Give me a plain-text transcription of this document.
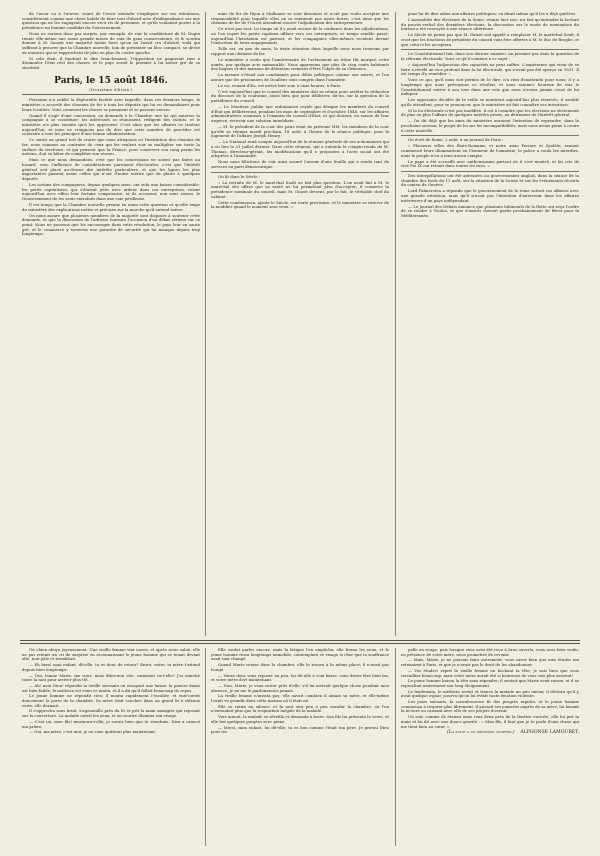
de l'avoir vu à l'œuvre, avant de l'avoir entendu s'expliquer sur ses intentions, considéraient comme une chose habile de faire tout d'abord acte d'indépendance sur une question qui ne les engageait encore vis-à-vis de personne, et qu'ils voulaient porter à la présidence un homme candidat du Gouvernement.

Nous ne serions donc pas surpris, par exemple, de voir la candidature de M. Dupin réunir elle-même une assez grande masse de voix de gens conservateurs, et le scrutin donner à M. Sauzet une majorité moins forte qu'on ne l'avait cru d'abord; voilà qui suffirait à prouver que la Chambre nouvelle, loin de présenter un bloc compact, se divise en nuances qui se rapprochent de plus en plus du centre gauche.

Si cela était, il faudrait le dire franchement; l'Opposition ne gagnerait rien à dissimuler l'état réel des choses, et le pays serait le premier à lui savoir gré de sa sincérité.

Paris, le 15 août 1846.
(Deuxième édition.)

Personne n'a oublié la déplorable facilité avec laquelle, dans ces derniers temps, le ministère a accordé des chemins de fer à tous les députés qui lui en demandaient pour leurs localités. Voici comment les choses se passaient et se passent encore.

Quand il s'agit d'une concession, on demande à la Chambre une loi qui autorise la compagnie à se constituer; les intéressés se réunissent, rédigent des statuts, et le ministère n'a plus ensuite qu'à les approuver. C'est ainsi que les affaires se traitent aujourd'hui, et nous ne craignons pas de dire que cette manière de procéder est contraire à tous les principes d'une bonne administration.

Ce serait un grand tort de croire que nous attaquons ici l'institution des chemins de fer; nous sommes au contraire de ceux qui les veulent voir se multiplier sur toute la surface du territoire, et qui pensent que la France, pour conserver son rang parmi les nations, doit se hâter de compléter son réseau.

Mais ce que nous demandons, c'est que les concessions ne soient pas faites au hasard, sous l'influence de considérations purement électorales; c'est que l'intérêt général soit placé au-dessus des intérêts particuliers, et que les lignes les plus importantes passent avant celles qui n'ont d'autre mérite que de plaire à quelques députés.

Les actions des compagnies, depuis quelques mois, ont subi une baisse considérable; les petits capitalistes, qui s'étaient jetés avec ardeur dans ces entreprises, voient aujourd'hui avec effroi leur fortune compromise, et ils accusent, non sans raison, le Gouvernement de les avoir entraînés dans une voie périlleuse.

Il est temps que la Chambre nouvelle prenne en main cette question et qu'elle exige du ministère des explications nettes et précises sur la marche qu'il entend suivre.

On nous assure que plusieurs membres de la majorité sont disposés à soutenir cette demande, et que la discussion de l'adresse fournira l'occasion d'un débat sérieux sur ce point. Nous ne pouvons que les encourager dans cette résolution; le pays leur en saura gré, et le commerce y trouvera une garantie de sécurité qui lui manque depuis trop longtemps.

mins de fer de Dijon à Mulhouse se sont dissoutes et n'ont pas voulu accepter une responsabilité pour laquelle elles ne se sentaient pas assez fortes; c'est ainsi que les chemins de fer de l'Ouest attendent encore l'adjudication des entrepreneurs.

Ce n'est pas tout. Le temps où il y avait encore de la confiance dans les adjudications, où l'on voyait les petits capitaux affluer vers ces entreprises, ce temps semble passé; aujourd'hui l'hésitation est partout, et les compagnies elles-mêmes reculent devant l'exécution de leurs engagements.

Telle est, en peu de mots, la triste situation dans laquelle nous nous trouvons par rapport aux chemins de fer.

Le ministère a voulu que l'anniversaire de l'avènement au trône fût marqué, cette année, par quelque acte mémorable. Nous apprenons que plus de cinq cents habitants des bagnes et des maisons de détention viennent d'être l'objet de sa clémence.

La mesure s'étend aux condamnés pour délits politiques comme aux autres, et l'on assure que les prisonniers de Doullens sont compris dans l'amnistie.

Le roi, venant d'Eu, est arrivé hier soir, à onze heures, à Paris.

C'est aujourd'hui que le conseil des ministres doit se réunir pour arrêter la rédaction du discours de la couronne, aussi bien que pour délibérer, dit-on, sur la question de la présidence du conseil.

— Le Moniteur publie une ordonnance royale qui désigne les membres du conseil d'État qui délibéreront, pendant les mois de septembre et d'octobre 1846, sur les affaires administratives soumises à l'examen du conseil d'État, et qui doivent, en raison de leur urgence, recevoir une solution immédiate.

— M. le président de la cour des pairs vient de prévenir MM. les membres de la cour qu'elle se réunira mardi prochain, 18 août, à l'heure de la séance publique, pour le jugement de l'affaire Joseph Henry.

— Le National rend compte aujourd'hui de la réunion générale de ses actionnaires qui a eu lieu le 31 juillet dernier. Dans cette réunion, qui a entendu le compte-rendu de M. Thomas, directeur-gérant, les modifications qu'il a proposées à l'acte social ont été adoptées à l'unanimité.

Nous nous félicitons de voir ainsi assuré l'avenir d'une feuille qui a rendu tant de services au parti démocratique.

On lit dans le Siècle :

« La retraite de M. le maréchal Soult ne fait plus question. L'on avait fait à M. le maréchal des offres que sa santé ne lui permettait plus d'accepter; il conserve la présidence nominale du conseil, mais M. Guizot devient, par le fait, le véritable chef du cabinet.

Cette combinaison, ajoute le Siècle, est toute provisoire, et le ministère se réserve de la modifier quand le moment sera venu. »

pour lui de dire adieu aux affaires politiques; on dirait même qu'il les a déjà quittées.

L'assemblée des électeurs de la Seine, réunie hier soir, n'a fait qu'entendre la lecture du procès-verbal des dernières élections; la discussion sur le mode de nomination du bureau a été renvoyée à une séance ultérieure.

Le Siècle ne pense pas que M. Guizot soit appelé à remplacer M. le maréchal Soult; il croit que les fonctions de président du conseil vont être offertes à M. le duc de Broglie, et que celui-ci les acceptera.

Le Constitutionnel fait, dans son dernier numéro, un premier pas dans la question de la réforme électorale. Voici ce qu'il contient à ce sujet :

« Aujourd'hui l'adjonction des capacités ne peut suffire. L'expérience qui vient de se faire a révélé un vice profond dans la loi électorale, qui n'avait pas été aperçu en 1831. Il est temps d'y remédier. »

Voici ce qui, qu'il nous soit permis de le dire, n'a rien d'inattendu pour nous; il y a longtemps que nous prévoyions ce résultat, et nous sommes heureux de voir le Constitutionnel entrer à son tour dans une voie que nous n'avons jamais cessé de lui indiquer.

Les opposants décidés de la veille se montrent aujourd'hui plus réservés; il semble qu'ils attendent, pour se prononcer, que le ministère ait fait connaître ses intentions.

Si la loi électorale n'est pas modifiée, il est à craindre que les élections ne deviennent de plus en plus l'affaire de quelques intérêts privés, au détriment de l'intérêt général.

— On dit déjà que les amis du ministère auraient l'intention de reprendre, dans la prochaine session, le projet de loi sur les incompatibilités; mais nous avons peine à croire à cette nouvelle.

On écrit de Rome, 2 août, à un journal de Paris :

« Plusieurs villes des États-Romains, et notre amie Ferrare et Spolète, avaient commencé leurs illuminations en l'honneur de l'amnistie; la police a voulu les interdire, mais le peuple n'en a tenu aucun compte.

Le pape a été accueilli avec enthousiasme partout où il s'est montré, et les cris de vive Pie IX ont retenti dans toutes les rues. »

Des interpellations ont été adressées au gouvernement anglais, dans la séance de la chambre des lords du 11 août, sur la situation de la Suisse et sur les événements récents du canton de Genève.

Lord Palmerston a répondu que le gouvernement de la reine suivait ces affaires avec une grande attention, mais qu'il n'avait pas l'intention d'intervenir dans les affaires intérieures d'un pays indépendant.

— Le Journal des Débats annonce que plusieurs bâtiments de la flotte ont reçu l'ordre de se rendre à Toulon, et que d'autres doivent partir prochainement de Brest pour la Méditerranée.

Un chien aboya joyeusement. Une vieille femme vint ouvrir, et après avoir salué, elle ne put retenir un cri de surprise en reconnaissant le jeune homme qui se tenait devant elle, tout pâle et tremblant.

— Eh bien! mon enfant, dit-elle, tu es donc de retour? Entre, entre, ta mère t'attend depuis bien longtemps.

— Oui, bonne Marie, me voici; mais dites-moi vite, comment va-t-elle? J'ai marché toute la nuit pour arriver plus tôt.

— Ah! mon Dieu! répondit la vieille servante en essuyant une larme, la pauvre dame est bien faible; le médecin est venu ce matin, et il a dit qu'il fallait beaucoup de repos.

Le jeune homme ne répondit rien; il monta rapidement l'escalier, et entr'ouvrit doucement la porte de la chambre. Sa mère était couchée dans un grand lit à rideaux verts; elle dormait.

Il s'approcha sans bruit, s'agenouilla près du lit et prit la main amaigrie qui reposait sur la couverture. La malade ouvrit les yeux, et un sourire illumina son visage.

— C'est toi, mon fils! murmura-t-elle; je savais bien que tu viendrais. Dieu a exaucé ma prière.

— Oui, ma mère, c'est moi; je ne vous quitterai plus maintenant.

Elle voulut parler encore, mais la fatigue l'en empêcha; elle ferma les yeux, et le jeune homme resta longtemps immobile, contemplant ce visage si cher que la souffrance avait tant changé.

Quand Marie rentra dans la chambre, elle le trouva à la même place; il n'avait pas bougé.

— Venez donc vous reposer un peu, lui dit-elle à voix basse; vous devez être bien las, et votre mère dort maintenant.

— Non, Marie, je veux rester près d'elle; s'il lui arrivait quelque chose pendant mon absence, je ne me le pardonnerais jamais.

La vieille femme n'insista pas; elle savait combien il aimait sa mère, et elle-même l'avait vu grandir dans cette maison où il était né.

Elle se retira en silence, et la nuit vint peu à peu envahir la chambre, où l'on n'entendait plus que la respiration inégale de la malade.

Vers minuit, la malade se réveilla et demanda à boire. Son fils lui présenta le verre, et elle but quelques gorgées avec peine.

— Merci, mon enfant, lui dit-elle; tu es bon comme l'était ton père. Je prierai Dieu pour toi.

pelle en rouge, puis lorsque vous avez été reçu à bras ouverts, vous avez bien voulu, en présence de votre mère, nous promettre de revenir.

— Mais, Marie, je ne pouvais faire autrement; vous savez bien que mes études me retenaient à Paris, et que je n'avais pas le droit de les abandonner.

— Vos études! reprit la vieille femme en hochant la tête; je sais bien que vous travailliez beaucoup; mais votre mère aurait été si heureuse de vous voir plus souvent!

Le jeune homme baissa la tête sans répondre; il sentait que Marie avait raison, et il se reprochait amèrement son long éloignement.

Le lendemain, le médecin revint et trouva la malade un peu mieux; il déclara qu'il y avait quelque espoir, pourvu qu'on lui évitât toute émotion violente.

Les jours suivants, la convalescence fit des progrès rapides, et le jeune homme commença à respirer plus librement. Il passait ses journées auprès de sa mère, lui faisant la lecture ou causant avec elle de ses projets d'avenir.

Un soir, comme ils étaient assis tous deux près de la fenêtre ouverte, elle lui prit la main et lui dit avec une douce gravité : « Mon fils, il faut que je te parle d'une chose qui me tient bien au cœur. »

(La suite à un prochain numéro.) ALPHONSE LAMOURET.
